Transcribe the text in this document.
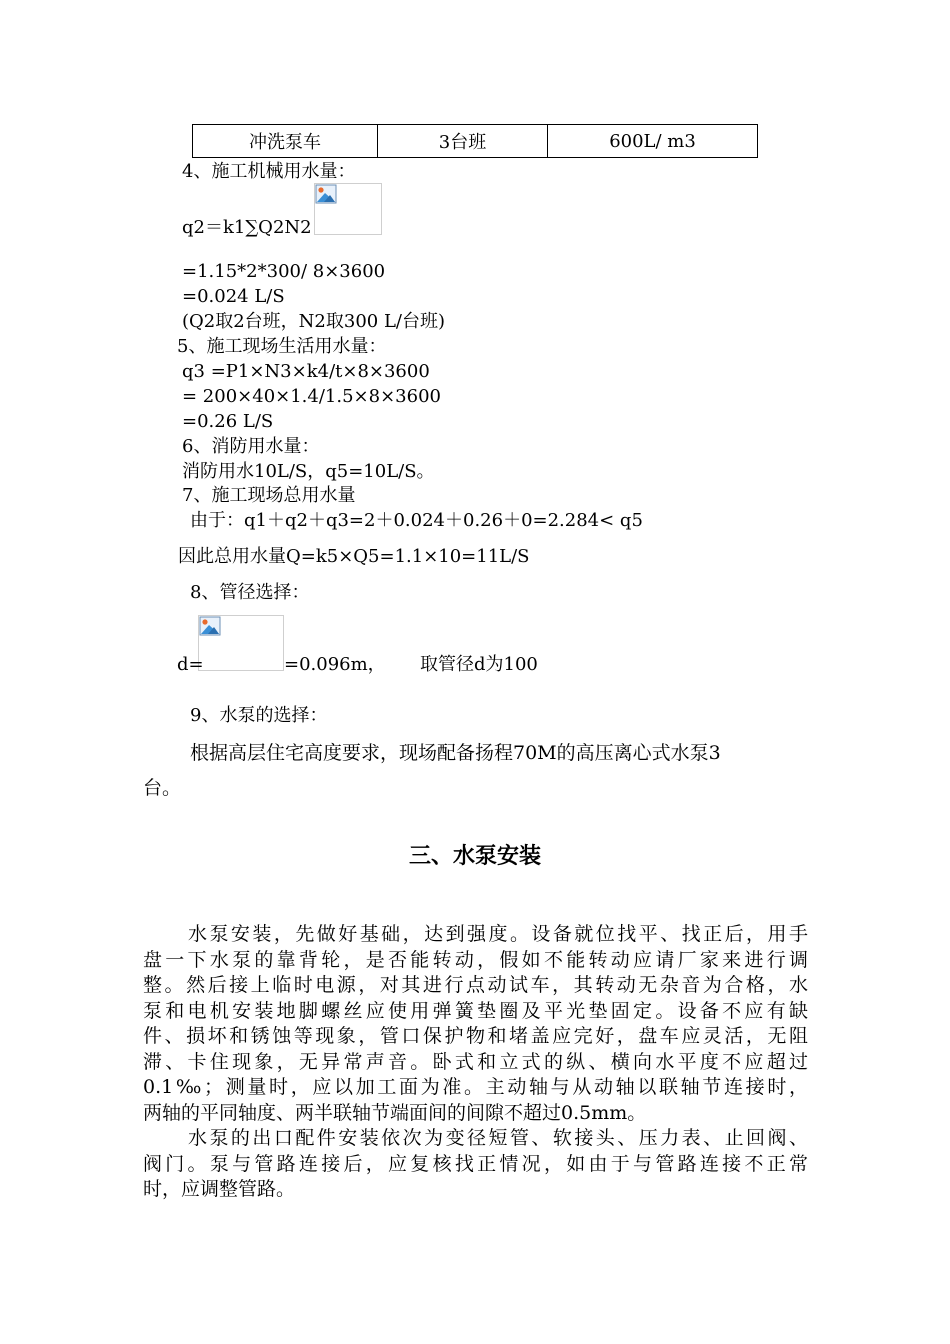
冲洗泵车	3台班	600L/ m3
4、施工机械用水量：
q2＝k1∑Q2N2
=1.15*2*300/ 8×3600
=0.024 L/S
(Q2取2台班，N2取300 L/台班)
5、施工现场生活用水量：
q3 =P1×N3×k4/t×8×3600
= 200×40×1.4/1.5×8×3600
=0.26 L/S
6、消防用水量：
消防用水10L/S，q5=10L/S。
7、施工现场总用水量
由于：q1＋q2＋q3=2＋0.024＋0.26＋0=2.284< q5
因此总用水量Q=k5×Q5=1.1×10=11L/S
8、管径选择：
d=	=0.096m， 取管径d为100
9、水泵的选择：
根据高层住宅高度要求，现场配备扬程70M的高压离心式水泵3
台。
三、水泵安装
水泵安装，先做好基础，达到强度。设备就位找平、找正后，用手
盘一下水泵的靠背轮，是否能转动，假如不能转动应请厂家来进行调
整。然后接上临时电源，对其进行点动试车，其转动无杂音为合格，水
泵和电机安装地脚螺丝应使用弹簧垫圈及平光垫固定。设备不应有缺
件、损坏和锈蚀等现象，管口保护物和堵盖应完好，盘车应灵活，无阻
滞、卡住现象，无异常声音。卧式和立式的纵、横向水平度不应超过
0.1‰；测量时，应以加工面为准。主动轴与从动轴以联轴节连接时，
两轴的平同轴度、两半联轴节端面间的间隙不超过0.5mm。
水泵的出口配件安装依次为变径短管、软接头、压力表、止回阀、
阀门。泵与管路连接后，应复核找正情况，如由于与管路连接不正常
时，应调整管路。
